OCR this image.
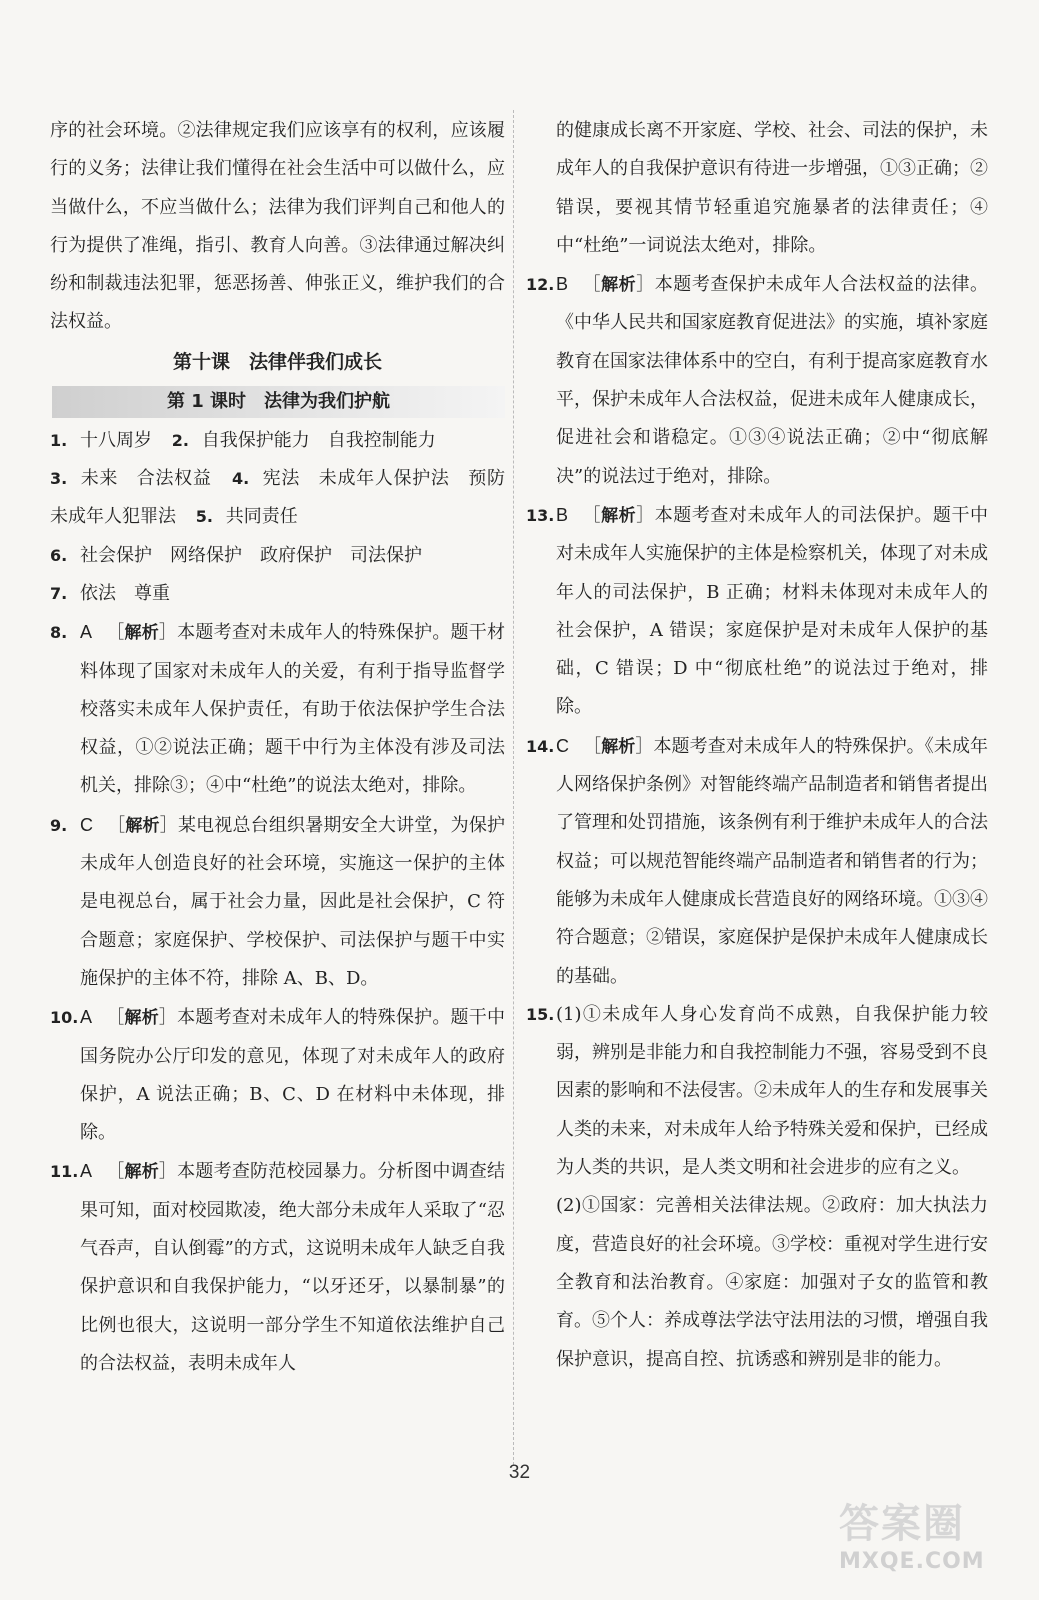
序的社会环境。②法律规定我们应该享有的权利，应该履行的义务；法律让我们懂得在社会生活中可以做什么，应当做什么，不应当做什么；法律为我们评判自己和他人的行为提供了准绳，指引、教育人向善。③法律通过解决纠纷和制裁违法犯罪，惩恶扬善、伸张正义，维护我们的合法权益。
第十课　法律伴我们成长
第 1 课时　法律为我们护航
1. 十八周岁 2. 自我保护能力　自我控制能力
3. 未来　合法权益 4. 宪法　未成年人保护法　预防未成年人犯罪法 5. 共同责任
6. 社会保护　网络保护　政府保护　司法保护
7. 依法　尊重
8. A ［解析］本题考查对未成年人的特殊保护。题干材料体现了国家对未成年人的关爱，有利于指导监督学校落实未成年人保护责任，有助于依法保护学生合法权益，①②说法正确；题干中行为主体没有涉及司法机关，排除③；④中“杜绝”的说法太绝对，排除。
9. C ［解析］某电视总台组织暑期安全大讲堂，为保护未成年人创造良好的社会环境，实施这一保护的主体是电视总台，属于社会力量，因此是社会保护，C 符合题意；家庭保护、学校保护、司法保护与题干中实施保护的主体不符，排除 A、B、D。
10.A ［解析］本题考查对未成年人的特殊保护。题干中国务院办公厅印发的意见，体现了对未成年人的政府保护，A 说法正确；B、C、D 在材料中未体现，排除。
11.A ［解析］本题考查防范校园暴力。分析图中调查结果可知，面对校园欺凌，绝大部分未成年人采取了“忍气吞声，自认倒霉”的方式，这说明未成年人缺乏自我保护意识和自我保护能力，“以牙还牙，以暴制暴”的比例也很大，这说明一部分学生不知道依法维护自己的合法权益，表明未成年人
的健康成长离不开家庭、学校、社会、司法的保护，未成年人的自我保护意识有待进一步增强，①③正确；②错误，要视其情节轻重追究施暴者的法律责任；④中“杜绝”一词说法太绝对，排除。
12.B ［解析］本题考查保护未成年人合法权益的法律。《中华人民共和国家庭教育促进法》的实施，填补家庭教育在国家法律体系中的空白，有利于提高家庭教育水平，保护未成年人合法权益，促进未成年人健康成长，促进社会和谐稳定。①③④说法正确；②中“彻底解决”的说法过于绝对，排除。
13.B ［解析］本题考查对未成年人的司法保护。题干中对未成年人实施保护的主体是检察机关，体现了对未成年人的司法保护，B 正确；材料未体现对未成年人的社会保护，A 错误；家庭保护是对未成年人保护的基础，C 错误；D 中“彻底杜绝”的说法过于绝对，排除。
14.C ［解析］本题考查对未成年人的特殊保护。《未成年人网络保护条例》对智能终端产品制造者和销售者提出了管理和处罚措施，该条例有利于维护未成年人的合法权益；可以规范智能终端产品制造者和销售者的行为；能够为未成年人健康成长营造良好的网络环境。①③④符合题意；②错误，家庭保护是保护未成年人健康成长的基础。
15.(1)①未成年人身心发育尚不成熟，自我保护能力较弱，辨别是非能力和自我控制能力不强，容易受到不良因素的影响和不法侵害。②未成年人的生存和发展事关人类的未来，对未成年人给予特殊关爱和保护，已经成为人类的共识，是人类文明和社会进步的应有之义。
(2)①国家：完善相关法律法规。②政府：加大执法力度，营造良好的社会环境。③学校：重视对学生进行安全教育和法治教育。④家庭：加强对子女的监管和教育。⑤个人：养成尊法学法守法用法的习惯，增强自我保护意识，提高自控、抗诱惑和辨别是非的能力。
32
答案圈
MXQE.COM
